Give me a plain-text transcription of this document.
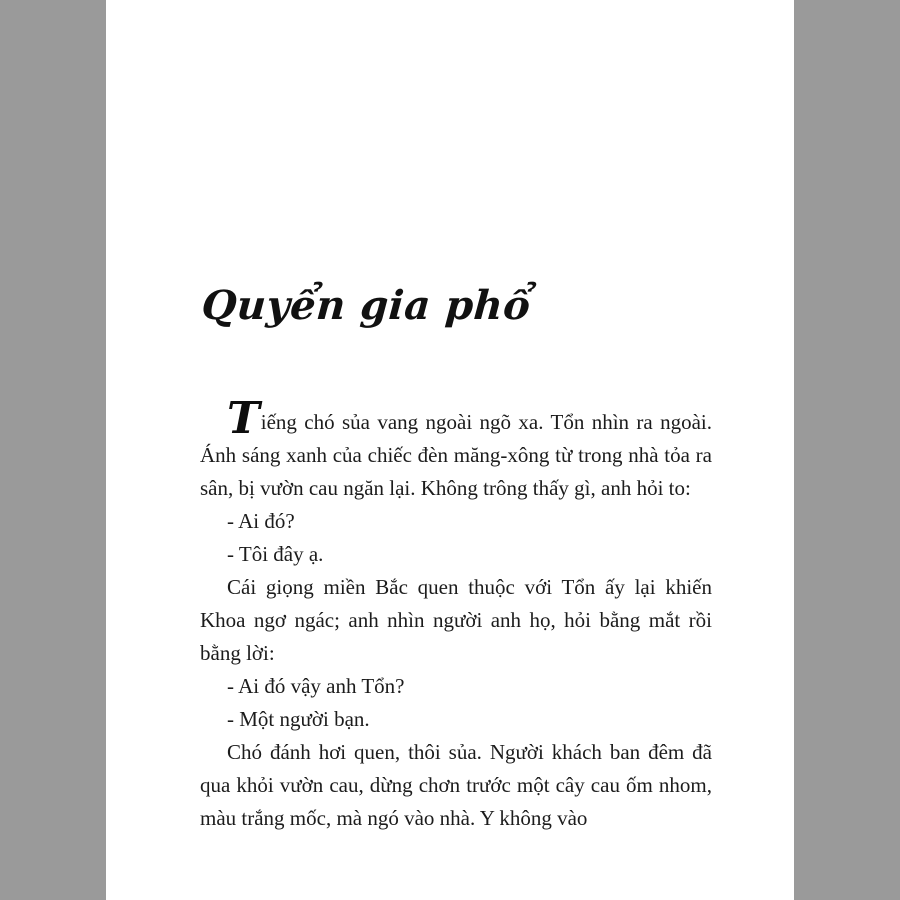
Quyển gia phổ

Tiếng chó sủa vang ngoài ngõ xa. Tổn nhìn ra ngoài. Ánh sáng xanh của chiếc đèn măng-xông từ trong nhà tỏa ra sân, bị vườn cau ngăn lại. Không trông thấy gì, anh hỏi to:

- Ai đó?

- Tôi đây ạ.

Cái giọng miền Bắc quen thuộc với Tổn ấy lại khiến Khoa ngơ ngác; anh nhìn người anh họ, hỏi bằng mắt rồi bằng lời:

- Ai đó vậy anh Tổn?

- Một người bạn.

Chó đánh hơi quen, thôi sủa. Người khách ban đêm đã qua khỏi vườn cau, dừng chơn trước một cây cau ốm nhom, màu trắng mốc, mà ngó vào nhà. Y không vào
